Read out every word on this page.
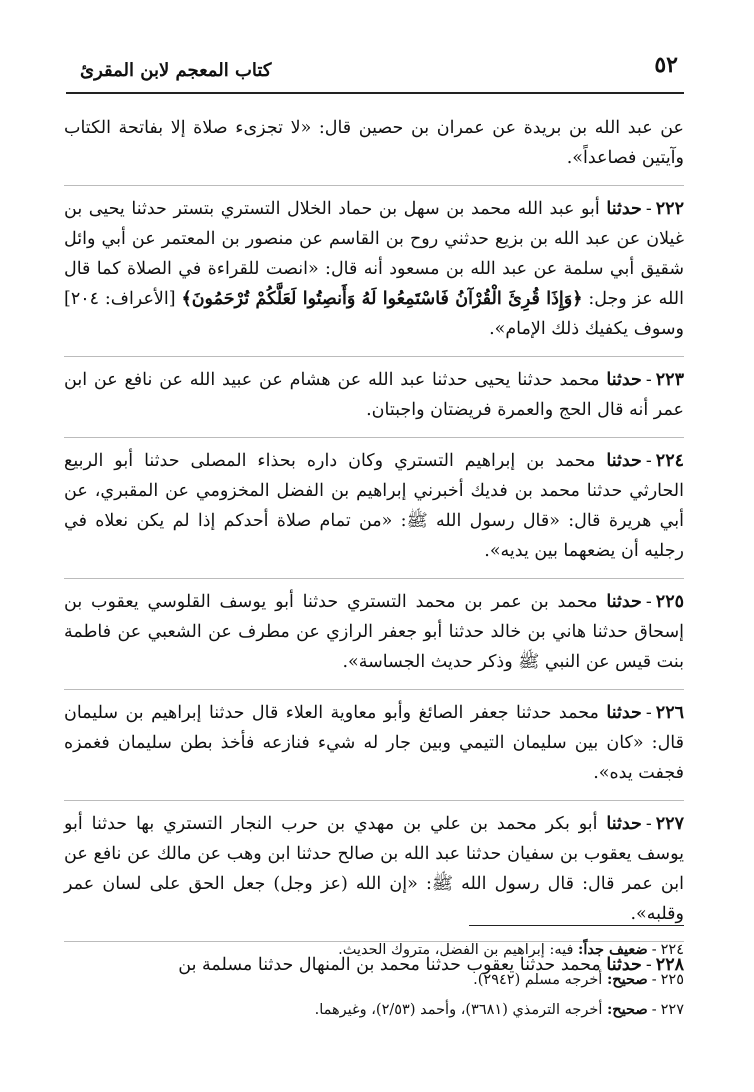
٥٢
كتاب المعجم لابن المقرئ

عن عبد الله بن بريدة عن عمران بن حصين قال: «لا تجزىء صلاة إلا بفاتحة الكتاب وآيتين فصاعداً».

٢٢٢-حدثنا أبو عبد الله محمد بن سهل بن حماد الخلال التستري بتستر حدثنا يحيى بن غيلان عن عبد الله بن بزيع حدثني روح بن القاسم عن منصور بن المعتمر عن أبي وائل شقيق أبي سلمة عن عبد الله بن مسعود أنه قال: «انصت للقراءة في الصلاة كما قال الله عز وجل: ﴿وَإِذَا قُرِئَ الْقُرْآنُ فَاسْتَمِعُوا لَهُ وَأَنصِتُوا لَعَلَّكُمْ تُرْحَمُونَ﴾ [الأعراف: ٢٠٤] وسوف يكفيك ذلك الإمام».

٢٢٣-حدثنا محمد حدثنا يحيى حدثنا عبد الله عن هشام عن عبيد الله عن نافع عن ابن عمر أنه قال الحج والعمرة فريضتان واجبتان.

٢٢٤-حدثنا محمد بن إبراهيم التستري وكان داره بحذاء المصلى حدثنا أبو الربيع الحارثي حدثنا محمد بن فديك أخبرني إبراهيم بن الفضل المخزومي عن المقبري، عن أبي هريرة قال: «قال رسول الله ﷺ: «من تمام صلاة أحدكم إذا لم يكن نعلاه في رجليه أن يضعهما بين يديه».

٢٢٥-حدثنا محمد بن عمر بن محمد التستري حدثنا أبو يوسف القلوسي يعقوب بن إسحاق حدثنا هاني بن خالد حدثنا أبو جعفر الرازي عن مطرف عن الشعبي عن فاطمة بنت قيس عن النبي ﷺ وذكر حديث الجساسة».

٢٢٦-حدثنا محمد حدثنا جعفر الصائغ وأبو معاوية العلاء قال حدثنا إبراهيم بن سليمان قال: «كان بين سليمان التيمي وبين جار له شيء فنازعه فأخذ بطن سليمان فغمزه فجفت يده».

٢٢٧-حدثنا أبو بكر محمد بن علي بن مهدي بن حرب النجار التستري بها حدثنا أبو يوسف يعقوب بن سفيان حدثنا عبد الله بن صالح حدثنا ابن وهب عن مالك عن نافع عن ابن عمر قال: قال رسول الله ﷺ: «إن الله (عز وجل) جعل الحق على لسان عمر وقلبه».

٢٢٨-حدثنا محمد حدثنا يعقوب حدثنا محمد بن المنهال حدثنا مسلمة بن

٢٢٤-ضعيف جداً: فيه: إبراهيم بن الفضل، متروك الحديث.

٢٢٥-صحيح: أخرجه مسلم (٢٩٤٢).

٢٢٧-صحيح: أخرجه الترمذي (٣٦٨١)، وأحمد (٢/٥٣)، وغيرهما.
